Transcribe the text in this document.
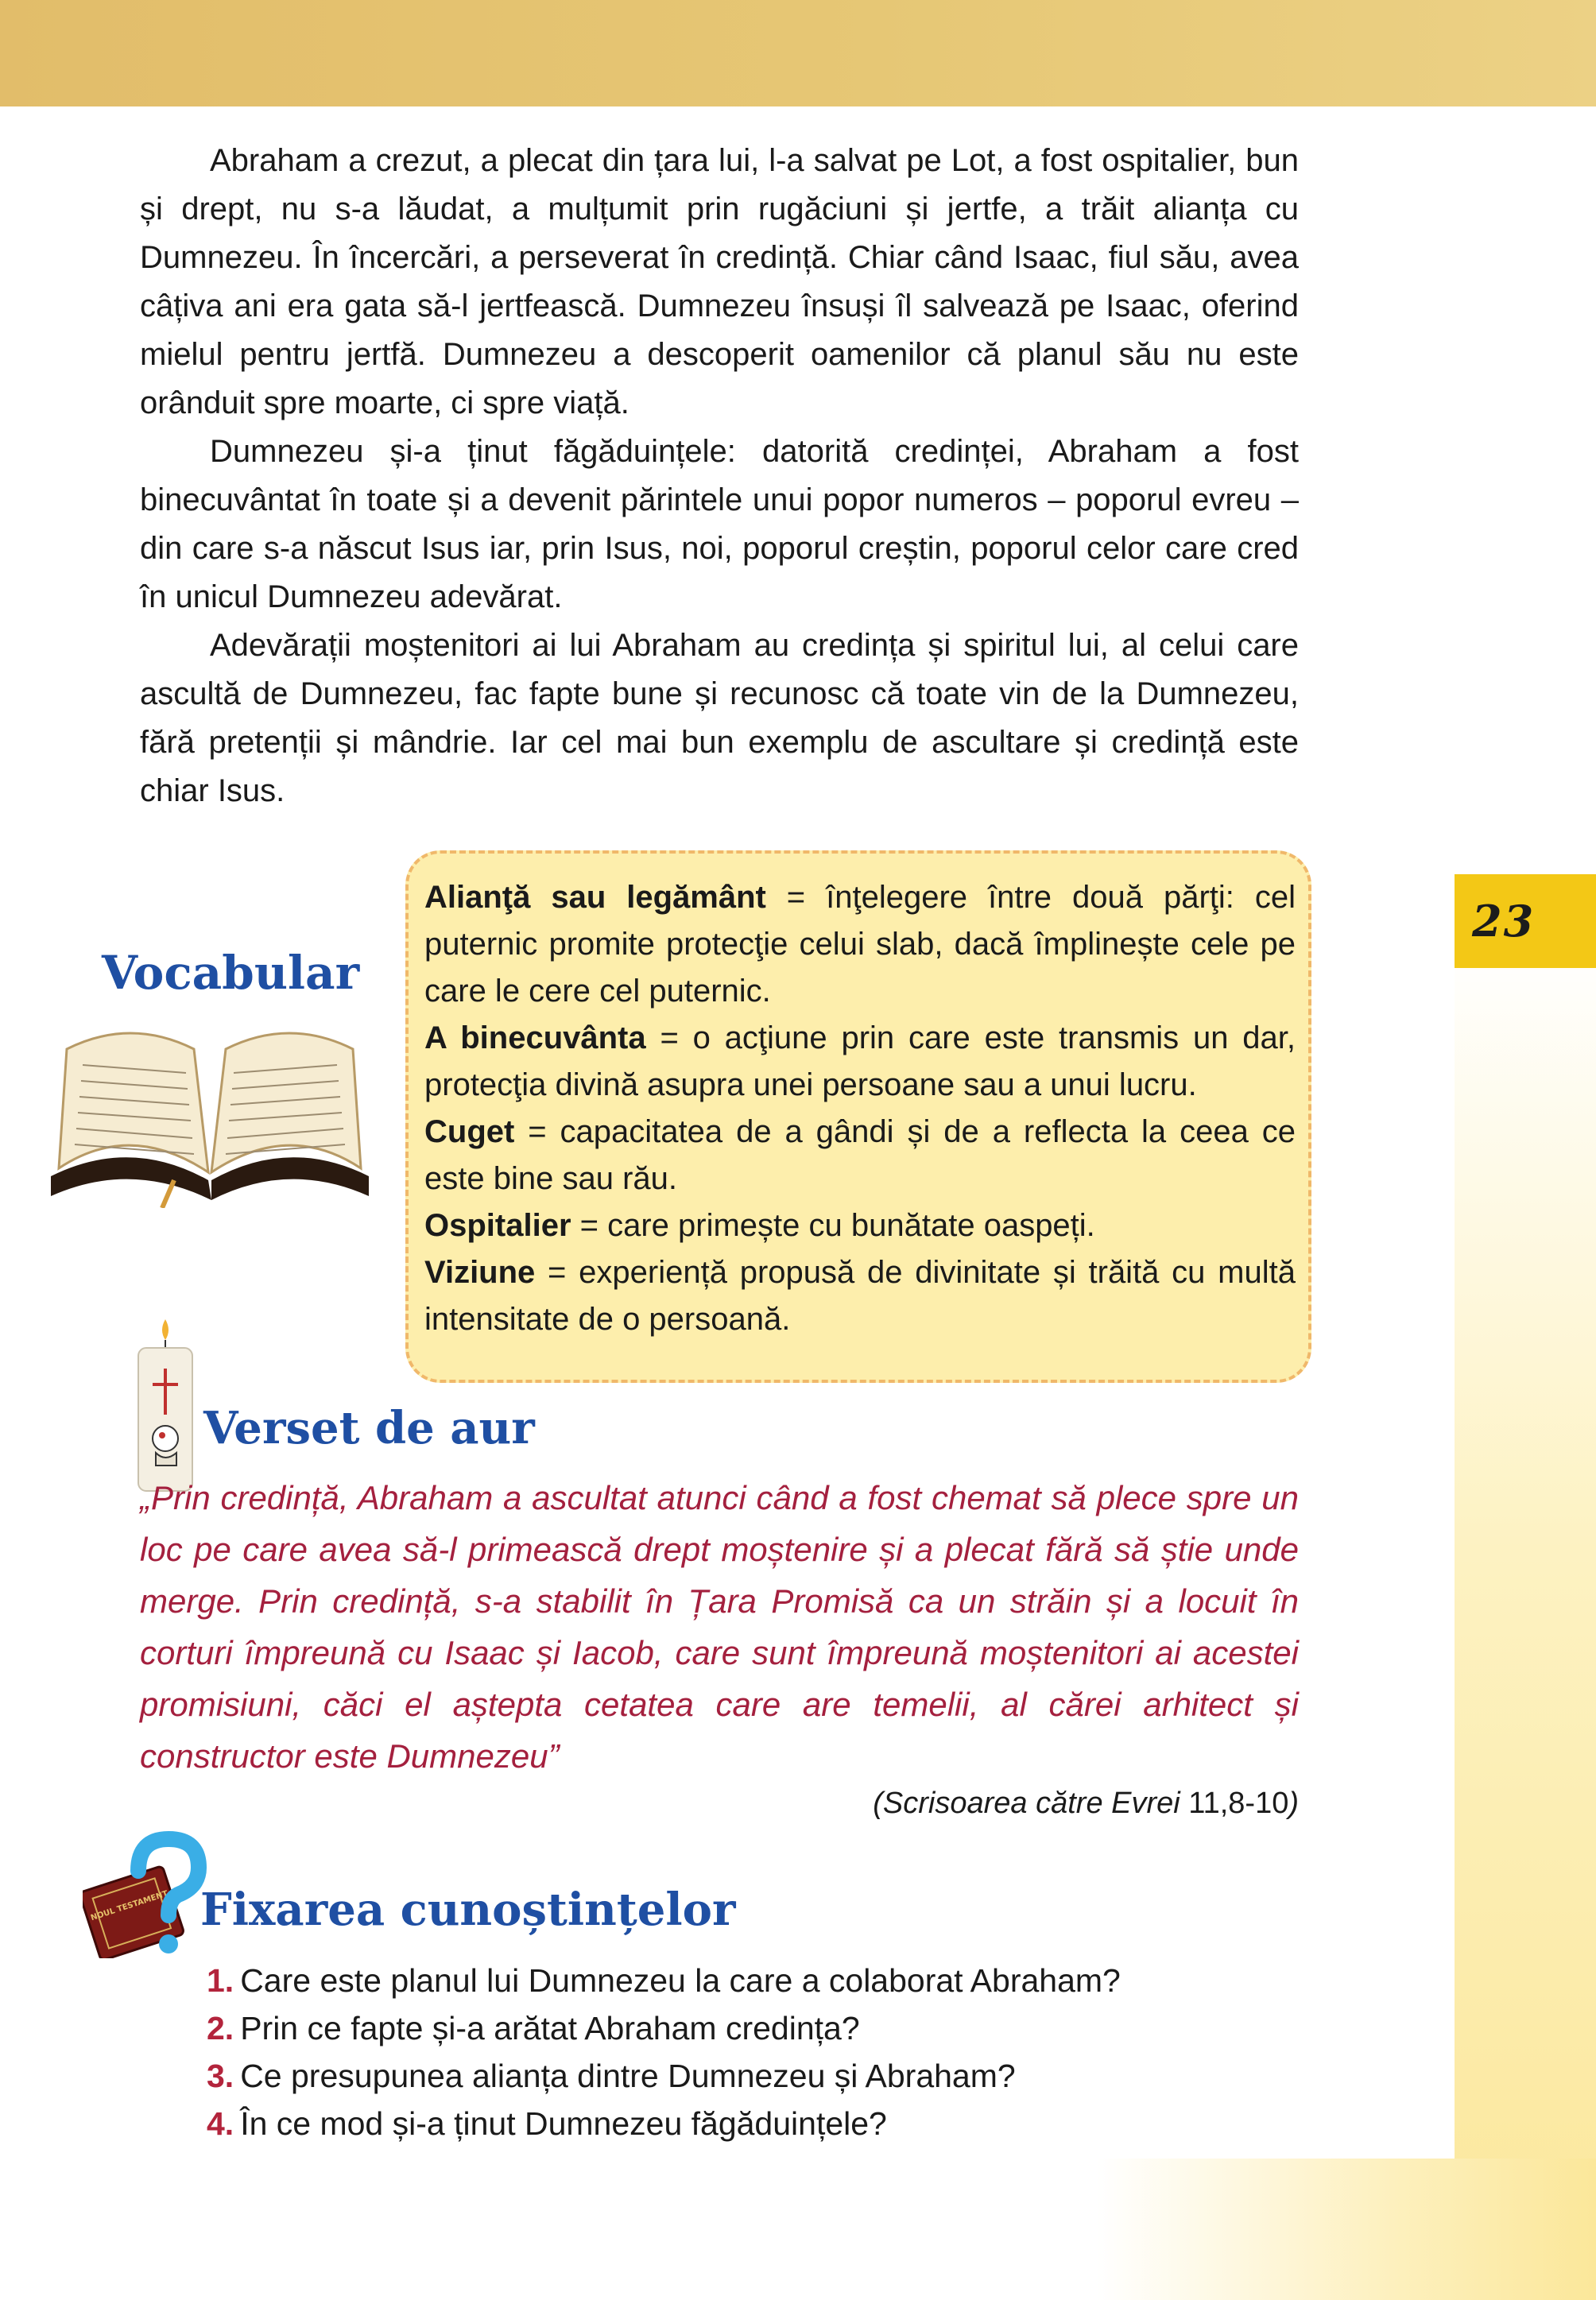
23

Abraham a crezut, a plecat din țara lui, l-a salvat pe Lot, a fost ospitalier, bun și drept, nu s-a lăudat, a mulțumit prin rugăciuni și jertfe, a trăit alianța cu Dumnezeu. În încercări, a perseverat în credință. Chiar când Isaac, fiul său, avea câțiva ani era gata să-l jertfească. Dumnezeu însuși îl salvează pe Isaac, oferind mielul pentru jertfă. Dumnezeu a descoperit oamenilor că planul său nu este orânduit spre moarte, ci spre viață.

Dumnezeu și-a ținut făgăduințele: datorită credinței, Abraham a fost binecuvântat în toate și a devenit părintele unui popor numeros – poporul evreu – din care s-a născut Isus iar, prin Isus, noi, poporul creștin, poporul celor care cred în unicul Dumnezeu adevărat.

Adevărații moștenitori ai lui Abraham au credința și spiritul lui, al celui care ascultă de Dumnezeu, fac fapte bune și recunosc că toate vin de la Dumnezeu, fără pretenții și mândrie. Iar cel mai bun exemplu de ascultare și credință este chiar Isus.

Vocabular

Alianţă sau legământ = înţelegere între două părţi: cel puternic promite protecţie celui slab, dacă împlinește cele pe care le cere cel puternic.

A binecuvânta = o acţiune prin care este transmis un dar, protecţia divină asupra unei persoane sau a unui lucru.

Cuget = capacitatea de a gândi și de a reflecta la ceea ce este bine sau rău.

Ospitalier = care primește cu bunătate oaspeți.

Viziune = experiență propusă de divinitate și trăită cu multă intensitate de o persoană.

Verset de aur

„Prin credință, Abraham a ascultat atunci când a fost chemat să plece spre un loc pe care avea să-l primească drept moștenire și a plecat fără să știe unde merge. Prin credință, s-a stabilit în Țara Promisă ca un străin și a locuit în corturi împreună cu Isaac și Iacob, care sunt împreună moștenitori ai acestei promisiuni, căci el aștepta cetatea care are temelii, al cărei arhitect și constructor este Dumnezeu”

(Scrisoarea către Evrei 11,8-10)
NOUL TESTAMENT Fixarea cunoștințelor
1. Care este planul lui Dumnezeu la care a colaborat Abraham?
2. Prin ce fapte și-a arătat Abraham credința?
3. Ce presupunea alianța dintre Dumnezeu și Abraham?
4. În ce mod și-a ținut Dumnezeu făgăduințele?
